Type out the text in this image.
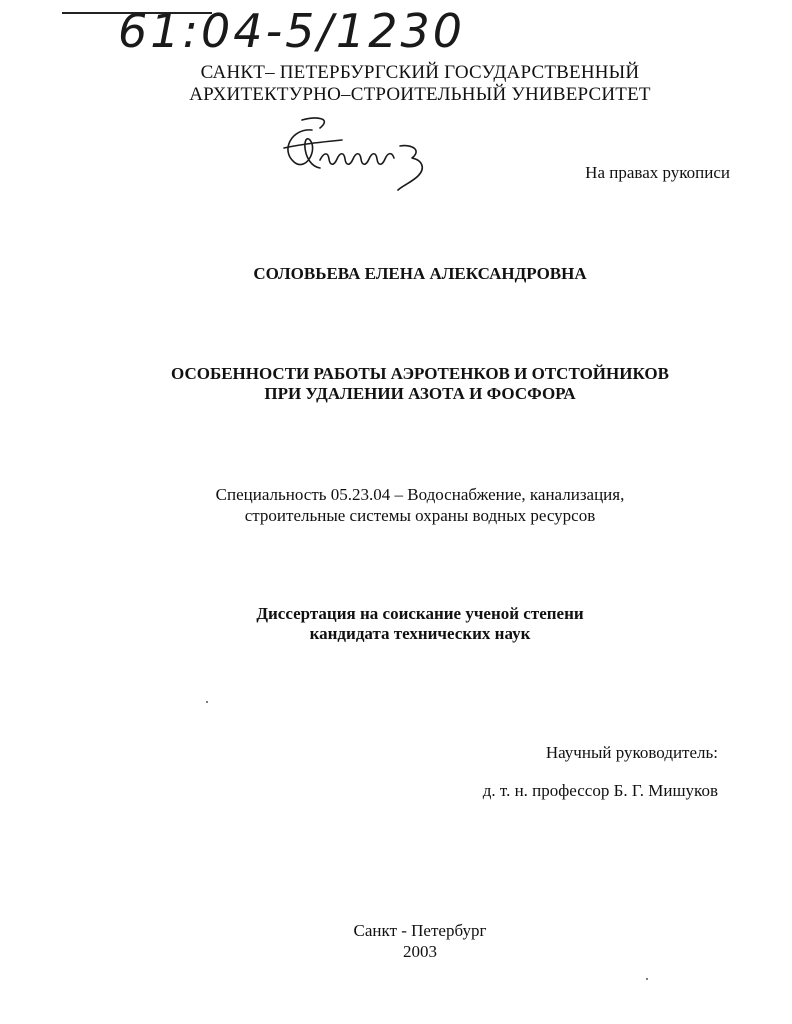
61:04-5/1230
САНКТ– ПЕТЕРБУРГСКИЙ ГОСУДАРСТВЕННЫЙ
АРХИТЕКТУРНО–СТРОИТЕЛЬНЫЙ УНИВЕРСИТЕТ
На правах рукописи
СОЛОВЬЕВА ЕЛЕНА АЛЕКСАНДРОВНА
ОСОБЕННОСТИ РАБОТЫ АЭРОТЕНКОВ И ОТСТОЙНИКОВ
ПРИ УДАЛЕНИИ АЗОТА И ФОСФОРА
Специальность 05.23.04 – Водоснабжение, канализация,
строительные системы охраны водных ресурсов
Диссертация на соискание ученой степени
кандидата технических наук
Научный руководитель:
д. т. н. профессор Б. Г. Мишуков
Санкт - Петербург
2003
